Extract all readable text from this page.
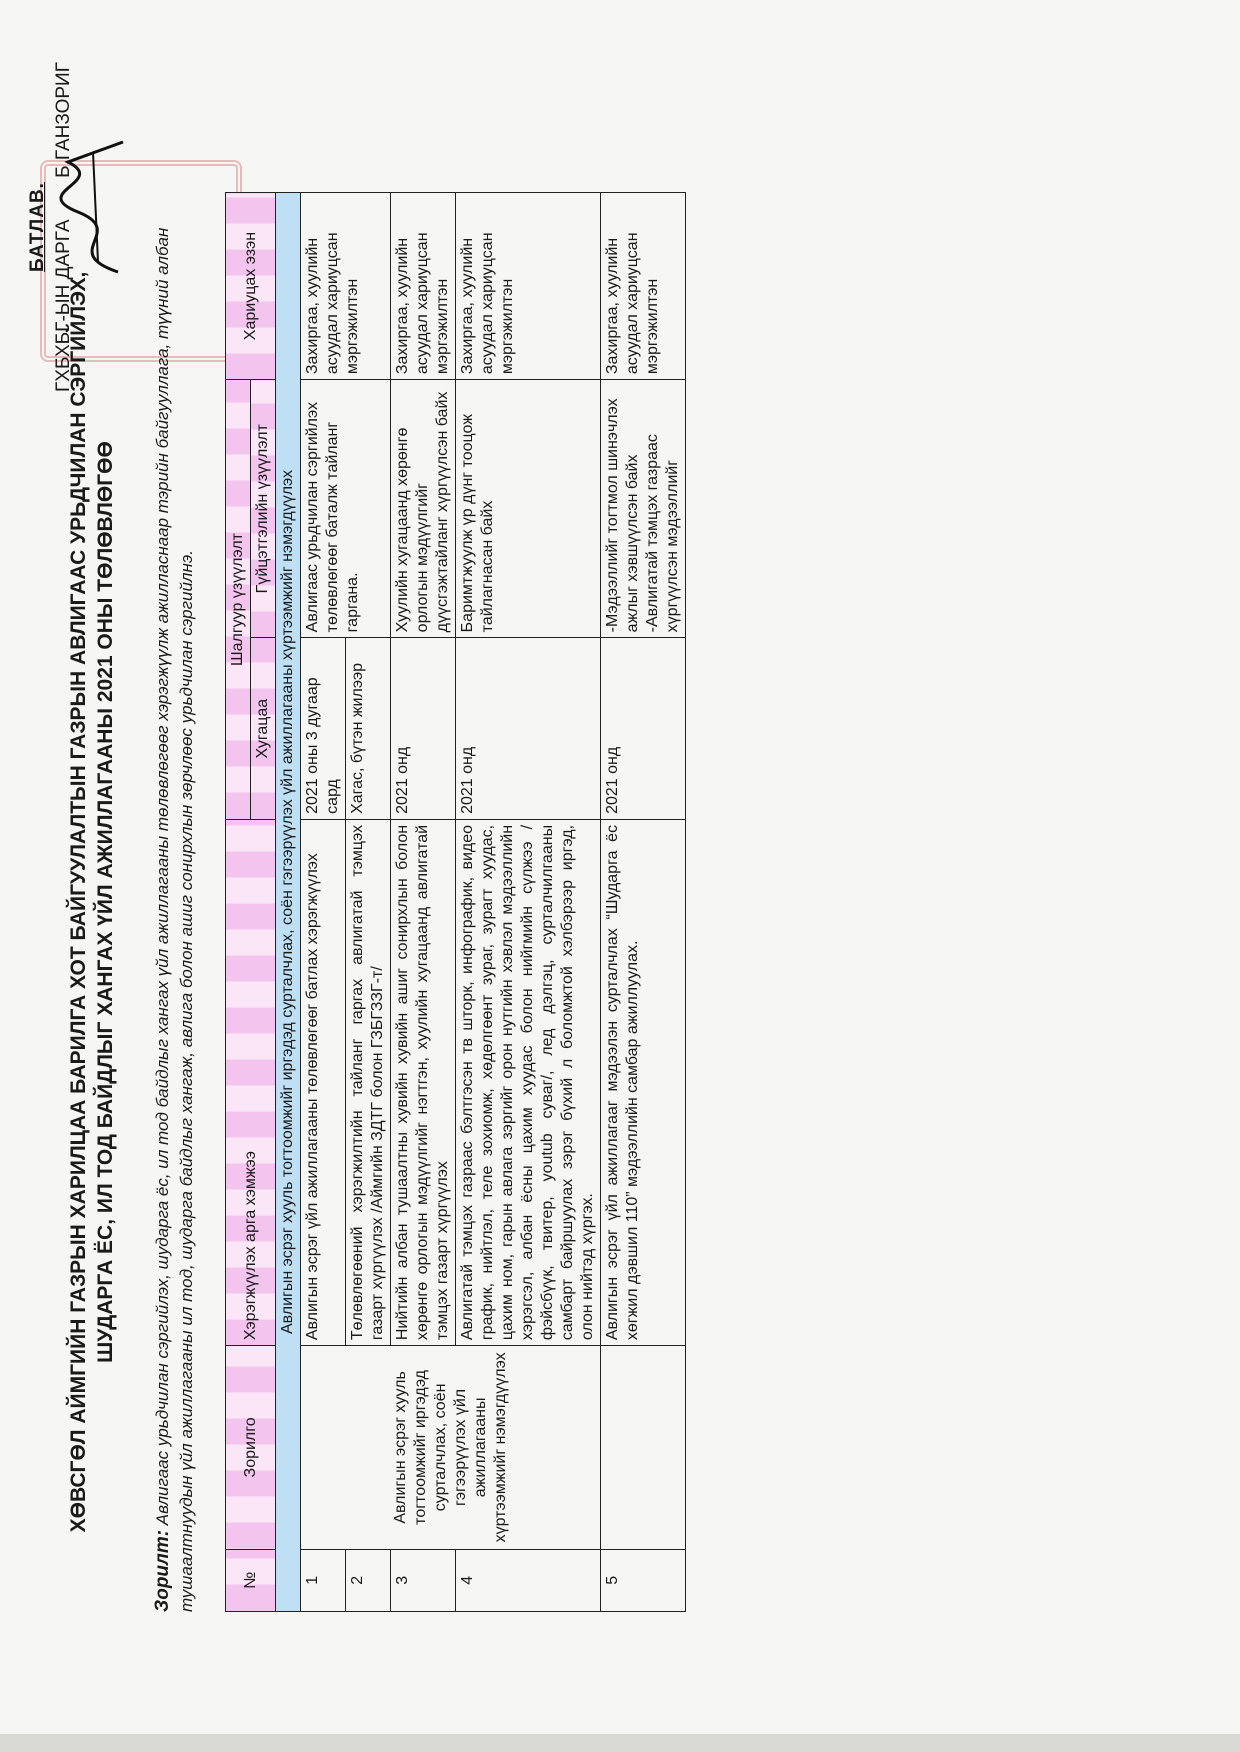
БАТЛАВ. ГХБХБГ-ЫН ДАРГА
Б.ГАНЗОРИГ
ХӨВСГӨЛ АЙМГИЙН ГАЗРЫН ХАРИЛЦАА БАРИЛГА ХОТ БАЙГУУЛАЛТЫН ГАЗРЫН АВЛИГААС УРЬДЧИЛАН СЭРГИЙЛЭХ, ШУДАРГА ЁС, ИЛ ТОД БАЙДЛЫГ ХАНГАХ ҮЙЛ АЖИЛЛАГААНЫ 2021 ОНЫ ТӨЛӨВЛӨГӨӨ
Зорилт: Авлигаас урьдчилан сэргийлэх, шударга ёс, ил тод байдлыг хангах үйл ажиллагааны төлөвлөгөөг хэрэгжүүлж ажилласнаар тэрийн байгууллага, түүний албан тушаалтнуудын үйл ажиллагааны ил тод, шударга байдлыг хангаж, авлига болон ашиг сонирхлын зөрчлөөс урьдчилан сэргийлнэ.	№	Зорилго	Хэрэгжүүлэх арга хэмжээ	Шалгуур үзүүлэлт		Хариуцах эзэн
			Хугацаа	Гүйцэтгэлийн үзүүлэлт	
Авлигын эсрэг хууль тогтоомжийг иргэдэд сурталчлах, соён гэгээрүүлэх үйл ажиллагааны хүртээмжийг нэмэгдүүлэх					
1	Авлигын эсрэг хууль тогтоомжийг иргэдэд сурталчлах, соён гэгээрүүлэх үйл ажиллагааны хүртээмжийг нэмэгдүүлэх	Авлигын эсрэг үйл ажиллагааны төлөвлөгөөг батлах хэрэгжүүлэх	2021 оны 3 дугаар сард	Авлигаас урьдчилан сэргийлэх төлөвлөгөөг баталж тайланг гаргана.	Захиргаа, хуулийн асуудал хариуцсан мэргэжилтэн
2		Төлөвлөгөөний хэрэгжилтийн тайланг гаргах авлигатай тэмцэх газарт хүргүүлэх /Аймгийн ЗДТГ болон ГЗБГЗЗГ-т/	Хагас, бүтэн жилээр		
3		Нийтийн албан тушаалтны хувийн хувийн ашиг сонирхлын болон хөрөнгө орлогын мэдүүлгийг нэгтгэн, хуулийн хугацаанд авлигатай тэмцэх газарт хүргүүлэх	2021 онд	Хуулийн хугацаанд хөрөнгө орлогын мэдүүлгийг дүүсгэжтайланг хүргүүлсэн байх	Захиргаа, хуулийн асуудал хариуцсан мэргэжилтэн
4		Авлигатай тэмцэх газраас бэлтгэсэн тв шторк, инфографик, видео график, нийтлэл, теле зохиомж, хөдөлгөөнт зураг, зурагт хуудас, цахим ном, гарын авлага зэргийг орон нутгийн хэвлэл мэдээллийн хэрэгсэл, албан ёсны цахим хуудас болон нийгмийн сүлжээ /фэйсбүүк, твитер, youtub суваг/, лед дэлгэц, сурталчилгааны самбарт байршуулах зэрэг бүхий л боломжтой хэлбэрээр иргэд, олон нийтэд хүргэх.	2021 онд	Баримтжуулж үр дүнг тооцож тайлагнасан байх	Захиргаа, хуулийн асуудал хариуцсан мэргэжилтэн
5		Авлигын эсрэг үйл ажиллагааг мэдээлэн сурталчлах “Шударга ёс хөгжил дэвшил 110” мэдээллийн самбар ажиллуулах.	2021 онд	-Мэдээллийг тогтмол шинэчлэх ажлыг хэвшүүлсэн байх -Авлигатай тэмцэх газраас хүргүүлсэн мэдээллийг	Захиргаа, хуулийн асуудал хариуцсан мэргэжилтэн
